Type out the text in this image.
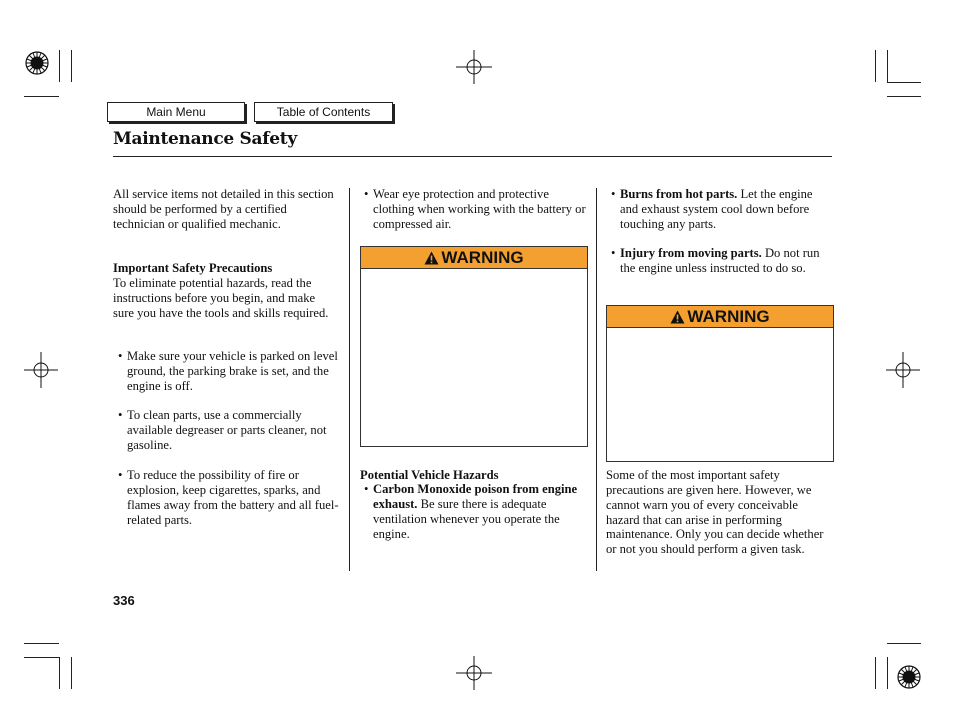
Main Menu	Table of Contents
Maintenance Safety
All service items not detailed in this section should be performed by a certified technician or qualified mechanic.
Important Safety Precautions
To eliminate potential hazards, read the instructions before you begin, and make sure you have the tools and skills required.
• Make sure your vehicle is parked on level ground, the parking brake is set, and the engine is off.
• To clean parts, use a commercially available degreaser or parts cleaner, not gasoline.
• To reduce the possibility of fire or explosion, keep cigarettes, sparks, and flames away from the battery and all fuel-related parts.
• Wear eye protection and protective clothing when working with the battery or compressed air.
WARNING
Potential Vehicle Hazards
• Carbon Monoxide poison from engine exhaust. Be sure there is adequate ventilation whenever you operate the engine.
• Burns from hot parts. Let the engine and exhaust system cool down before touching any parts.
• Injury from moving parts. Do not run the engine unless instructed to do so.
WARNING
Some of the most important safety precautions are given here. However, we cannot warn you of every conceivable hazard that can arise in performing maintenance. Only you can decide whether or not you should perform a given task.
336
